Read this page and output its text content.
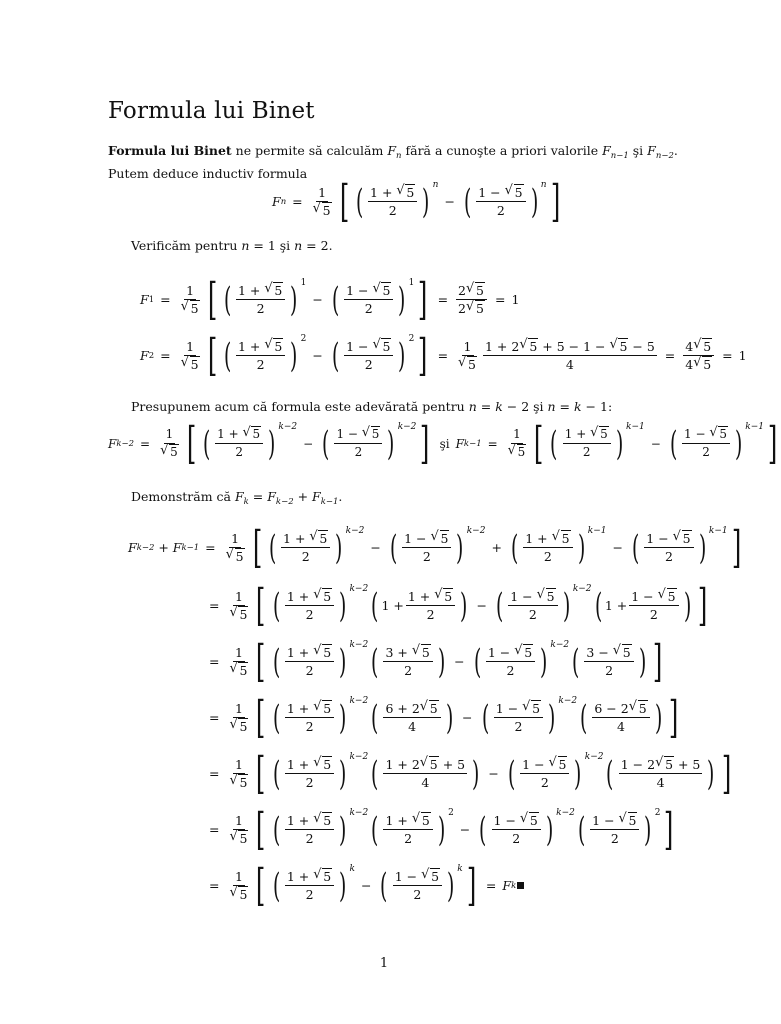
Formula lui Binet
Formula lui Binet ne permite să calculăm $F_n$ fără a cunoşte a priori valorile $F_{n-1}$ şi $F_{n-2}$.
Putem deduce inductiv formula
F n = 1
√ 5 [ ( $\frac{1 + √ 5}{2}$ ) n
− ( $\frac{1 - √ 5}{2}$ ) n ]
Verificăm pentru n = 1 şi n = 2.
F 1 = 1
√ 5 [ ( $\frac{1 + √ 5}{2}$ ) 1
− ( $\frac{1 - √ 5}{2}$ ) 1 ] = $\frac{2 √ 5}{2 √ 5} = 1$
F 2 = 1
√ 5 [ ( $\frac{1 + √ 5}{2}$ ) 2
− ( $\frac{1 - √ 5}{2}$ ) 2 ] = 1
√ $5 \frac{1 + 2 √ 5 + 5 - 1 - √ 5 - 5}{4} = \frac{4 √ 5}{4 √ 5} = 1$
Presupunem acum că formula este adevărată pentru n = k − 2 şi n = k − 1:
F k−2 = 1
√ 5 [ ( $\frac{1 + √ 5}{2}$ ) k−2
− ( $\frac{1 - √ 5}{2}$ ) k−2 ] şi F k−1 = 1
√ 5 [ ( $\frac{1 + √ 5}{2}$ ) k−1
− ( $\frac{1 - √ 5}{2}$ ) k−1 ]
Demonstrăm că $F_k = F_{k-2} + F_{k-1}$.
F k−2 + F k−1 = 1
√ 5 [ ( $\frac{1 + √ 5}{2}$ ) k−2
− ( $\frac{1 - √ 5}{2}$ ) k−2
+ ( $\frac{1 + √ 5}{2}$ ) k−1
− ( $\frac{1 - √ 5}{2}$ ) k−1 ]
= 1
√ 5 [ ( $\frac{1 + √ 5}{2}$ ) k−2 ( $1 + \frac{1 + √ 5}{2}$ ) − ( $\frac{1 - √ 5}{2}$ ) k−2 ( $1 + \frac{1 - √ 5}{2}$ ) ]
= 1
√ 5 [ ( $\frac{1 + √ 5}{2}$ ) k−2 ( $\frac{3 + √ 5}{2}$ ) − ( $\frac{1 - √ 5}{2}$ ) k−2 ( $\frac{3 - √ 5}{2}$ ) ]
= 1
√ 5 [ ( $\frac{1 + √ 5}{2}$ ) k−2 ( $\frac{6 + 2 √ 5}{4}$ ) − ( $\frac{1 - √ 5}{2}$ ) k−2 ( $\frac{6 - 2 √ 5}{4}$ ) ]
= 1
√ 5 [ ( $\frac{1 + √ 5}{2}$ ) k−2 ( $\frac{1 + 2 √ 5 + 5}{4}$ ) − ( $\frac{1 - √ 5}{2}$ ) k−2 ( $\frac{1 - 2 √ 5 + 5}{4}$ ) ]
= 1
√ 5 [ ( $\frac{1 + √ 5}{2}$ ) k−2 ( $\frac{1 + √ 5}{2}$ ) 2
− ( $\frac{1 - √ 5}{2}$ ) k−2 ( $\frac{1 - √ 5}{2}$ ) 2 ]
= 1
√ 5 [ ( $\frac{1 + √ 5}{2}$ ) k
− ( $\frac{1 - √ 5}{2}$ ) k ] = F k
1
